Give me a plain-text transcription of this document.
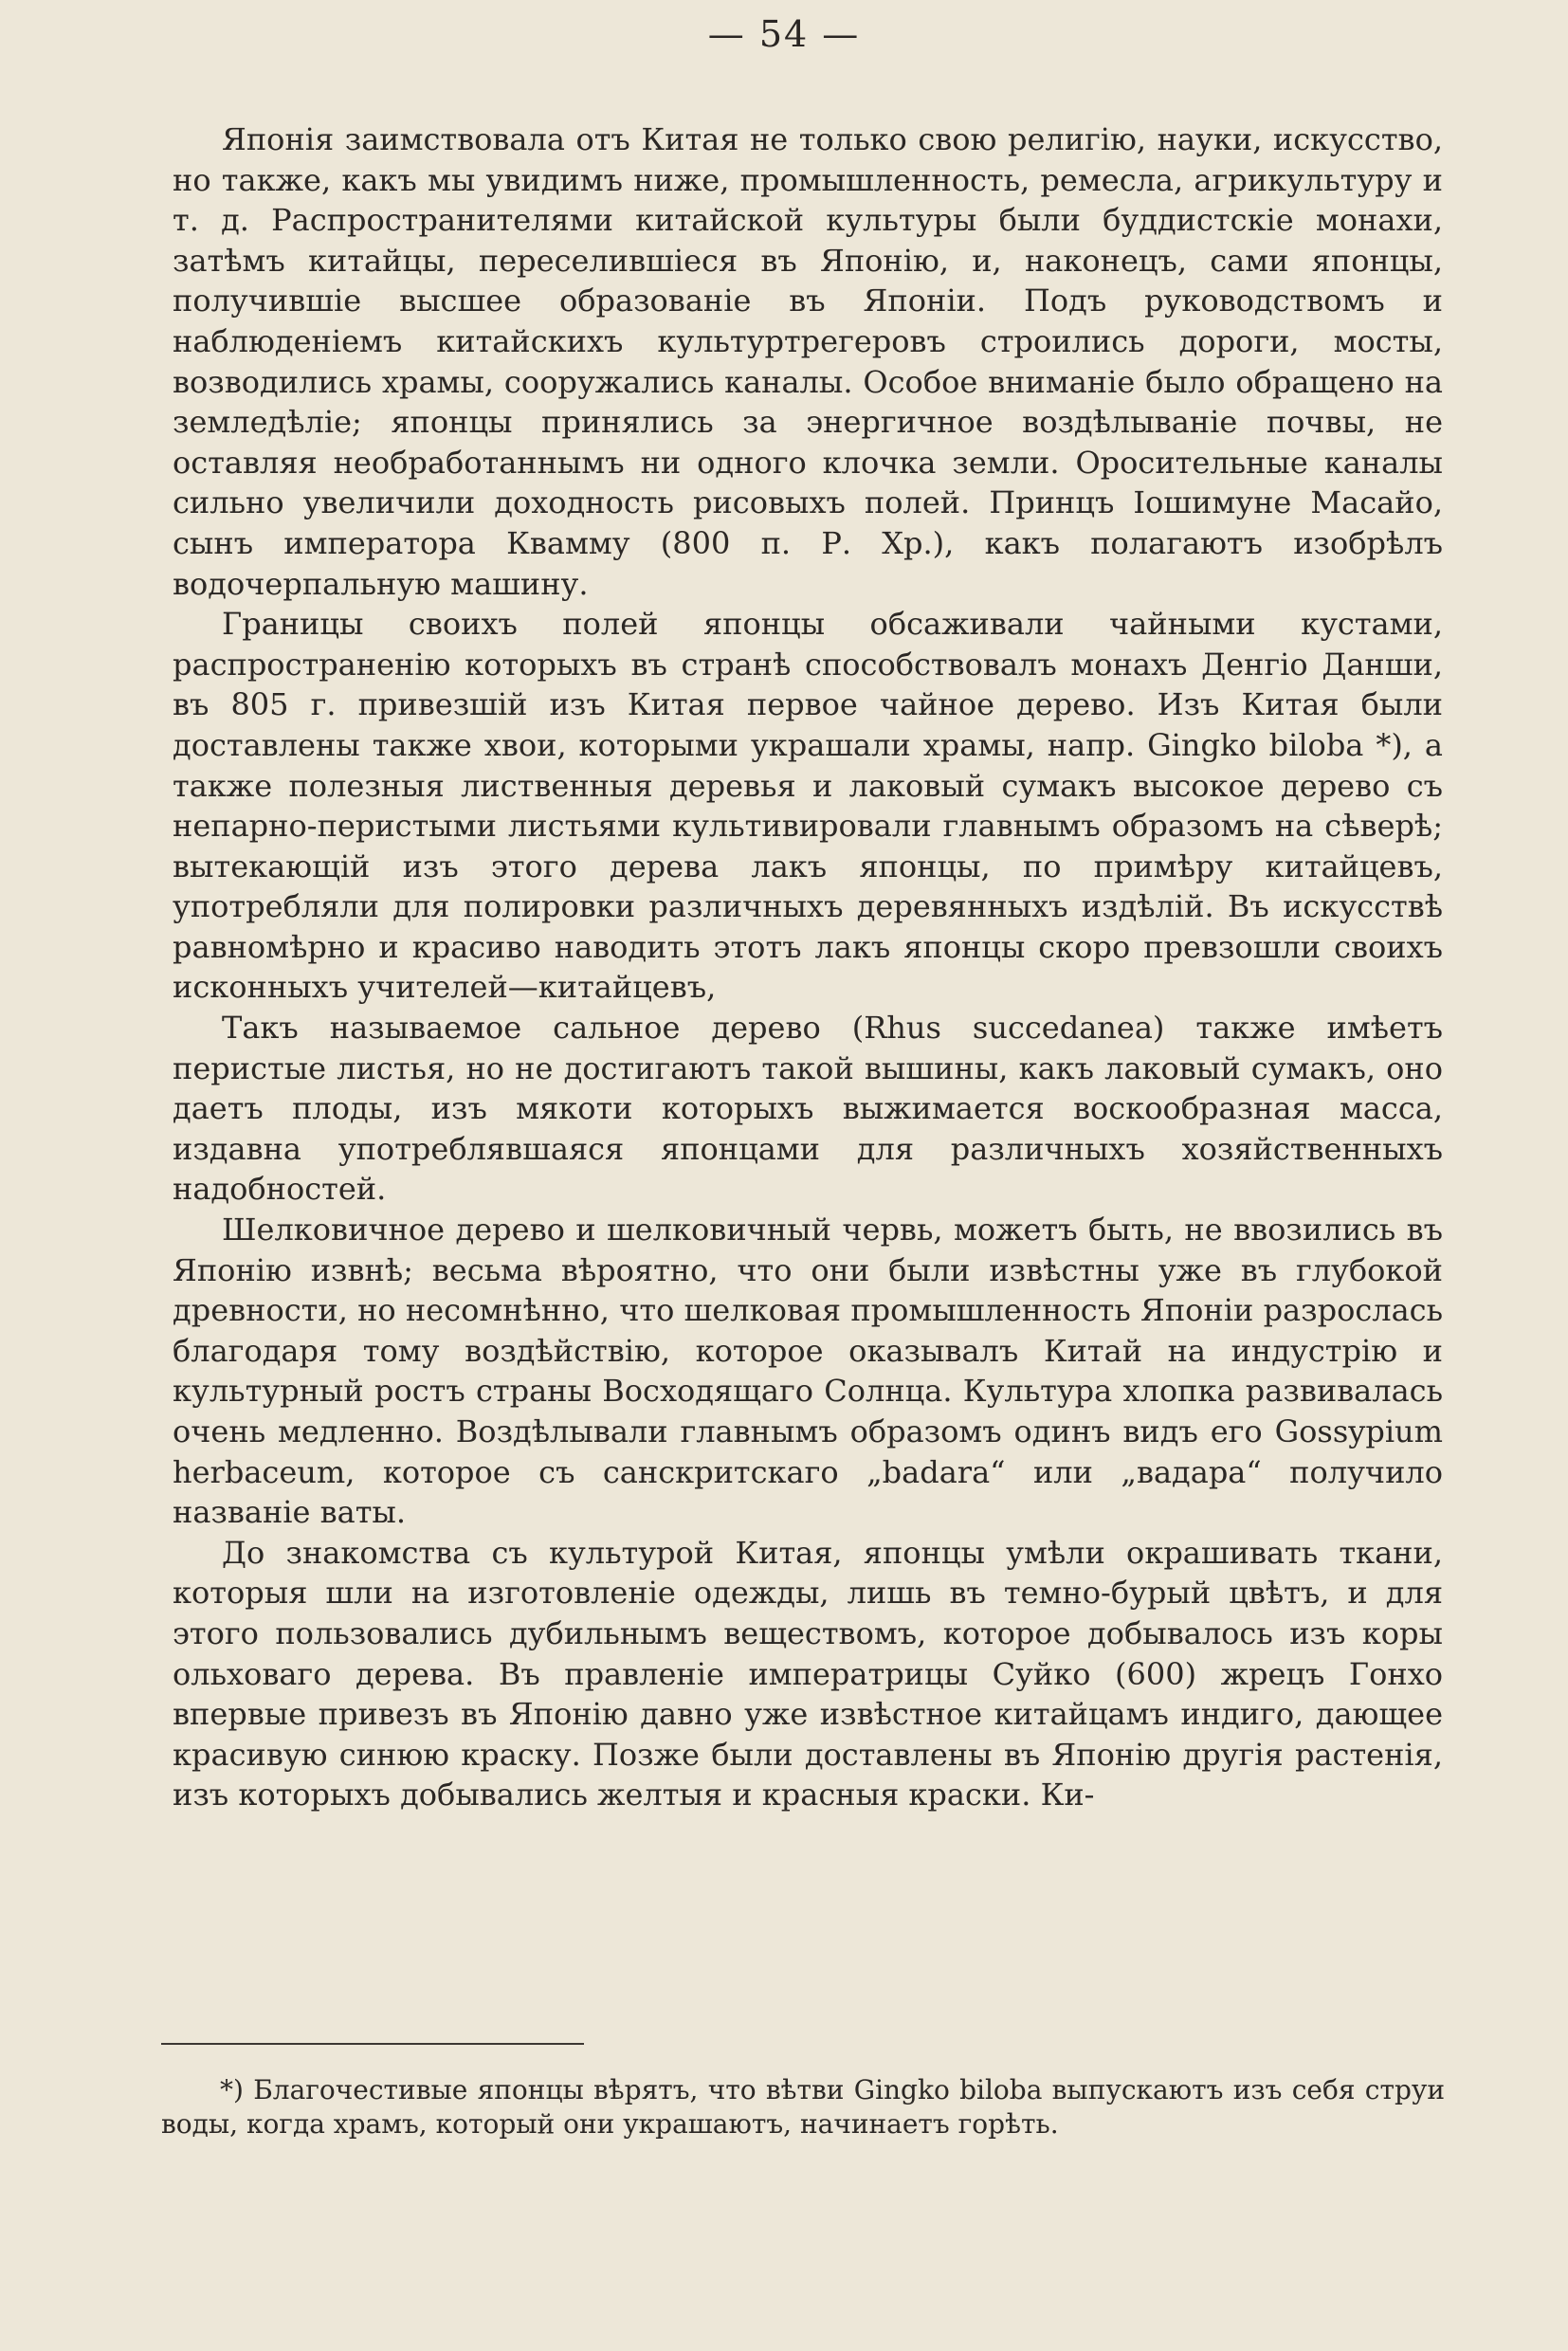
— 54 —

Японія заимствовала отъ Китая не только свою религію, науки, искусство, но также, какъ мы увидимъ ниже, промышленность, ремесла, агрикультуру и т. д. Распространителями китайской культуры были буддистскіе монахи, затѣмъ китайцы, переселившіеся въ Японію, и, наконецъ, сами японцы, получившіе высшее образованіе въ Японіи. Подъ руководствомъ и наблюденіемъ китайскихъ культуртрегеровъ строились дороги, мосты, возводились храмы, сооружались каналы. Особое вниманіе было обращено на земледѣліе; японцы принялись за энергичное воздѣлываніе почвы, не оставляя необработаннымъ ни одного клочка земли. Оросительные каналы сильно увеличили доходность рисовыхъ полей. Принцъ Іошимуне Масайо, сынъ императора Квамму (800 п. Р. Хр.), какъ полагаютъ изобрѣлъ водочерпальную машину.

Границы своихъ полей японцы обсаживали чайными кустами, распространенію которыхъ въ странѣ способствовалъ монахъ Денгіо Данши, въ 805 г. привезшій изъ Китая первое чайное дерево. Изъ Китая были доставлены также хвои, которыми украшали храмы, напр. Gingko biloba *), а также полезныя лиственныя деревья и лаковый сумакъ высокое дерево съ непарно-перистыми листьями культивировали главнымъ образомъ на сѣверѣ; вытекающій изъ этого дерева лакъ японцы, по примѣру китайцевъ, употребляли для полировки различныхъ деревянныхъ издѣлій. Въ искусствѣ равномѣрно и красиво наводить этотъ лакъ японцы скоро превзошли своихъ исконныхъ учителей—китайцевъ,

Такъ называемое сальное дерево (Rhus succedanea) также имѣетъ перистые листья, но не достигаютъ такой вышины, какъ лаковый сумакъ, оно даетъ плоды, изъ мякоти которыхъ выжимается воскообразная масса, издавна употреблявшаяся японцами для различныхъ хозяйственныхъ надобностей.

Шелковичное дерево и шелковичный червь, можетъ быть, не ввозились въ Японію извнѣ; весьма вѣроятно, что они были извѣстны уже въ глубокой древности, но несомнѣнно, что шелковая промышленность Японіи разрослась благодаря тому воздѣйствію, которое оказывалъ Китай на индустрію и культурный ростъ страны Восходящаго Солнца. Культура хлопка развивалась очень медленно. Воздѣлывали главнымъ образомъ одинъ видъ его Gossypium herbaceum, которое съ санскритскаго „badara“ или „вадара“ получило названіе ваты.

До знакомства съ культурой Китая, японцы умѣли окрашивать ткани, которыя шли на изготовленіе одежды, лишь въ темно-бурый цвѣтъ, и для этого пользовались дубильнымъ веществомъ, которое добывалось изъ коры ольховаго дерева. Въ правленіе императрицы Суйко (600) жрецъ Гонхо впервые привезъ въ Японію давно уже извѣстное китайцамъ индиго, дающее красивую синюю краску. Позже были доставлены въ Японію другія растенія, изъ которыхъ добывались желтыя и красныя краски. Ки-

*) Благочестивые японцы вѣрятъ, что вѣтви Gingko biloba выпускаютъ изъ себя струи воды, когда храмъ, который они украшаютъ, начинаетъ горѣть.
